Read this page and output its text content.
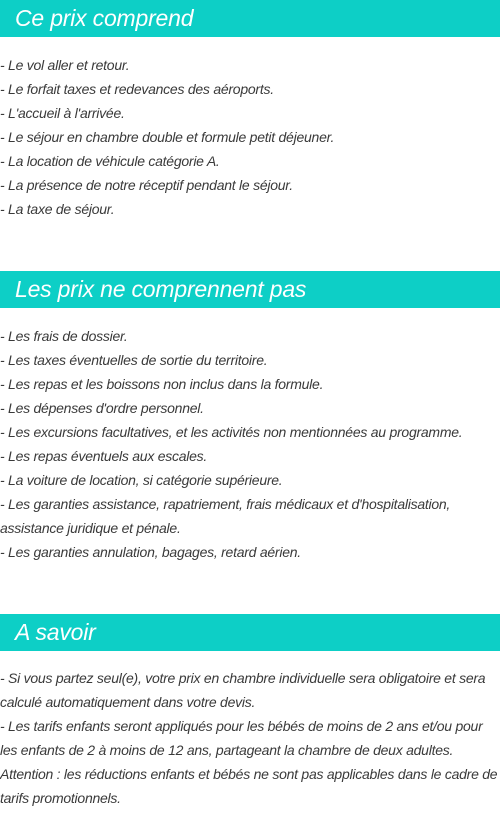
Ce prix comprend
- Le vol aller et retour.
- Le forfait taxes et redevances des aéroports.
- L'accueil à l'arrivée.
- Le séjour en chambre double et formule petit déjeuner.
- La location de véhicule catégorie A.
- La présence de notre réceptif pendant le séjour.
- La taxe de séjour.
Les prix ne comprennent pas
- Les frais de dossier.
- Les taxes éventuelles de sortie du territoire.
- Les repas et les boissons non inclus dans la formule.
- Les dépenses d'ordre personnel.
- Les excursions facultatives, et les activités non mentionnées au programme.
- Les repas éventuels aux escales.
- La voiture de location, si catégorie supérieure.
- Les garanties assistance, rapatriement, frais médicaux et d'hospitalisation, assistance juridique et pénale.
- Les garanties annulation, bagages, retard aérien.
A savoir
- Si vous partez seul(e), votre prix en chambre individuelle sera obligatoire et sera calculé automatiquement dans votre devis.
- Les tarifs enfants seront appliqués pour les bébés de moins de 2 ans et/ou pour les enfants de 2 à moins de 12 ans, partageant la chambre de deux adultes.
Attention : les réductions enfants et bébés ne sont pas applicables dans le cadre de tarifs promotionnels.
